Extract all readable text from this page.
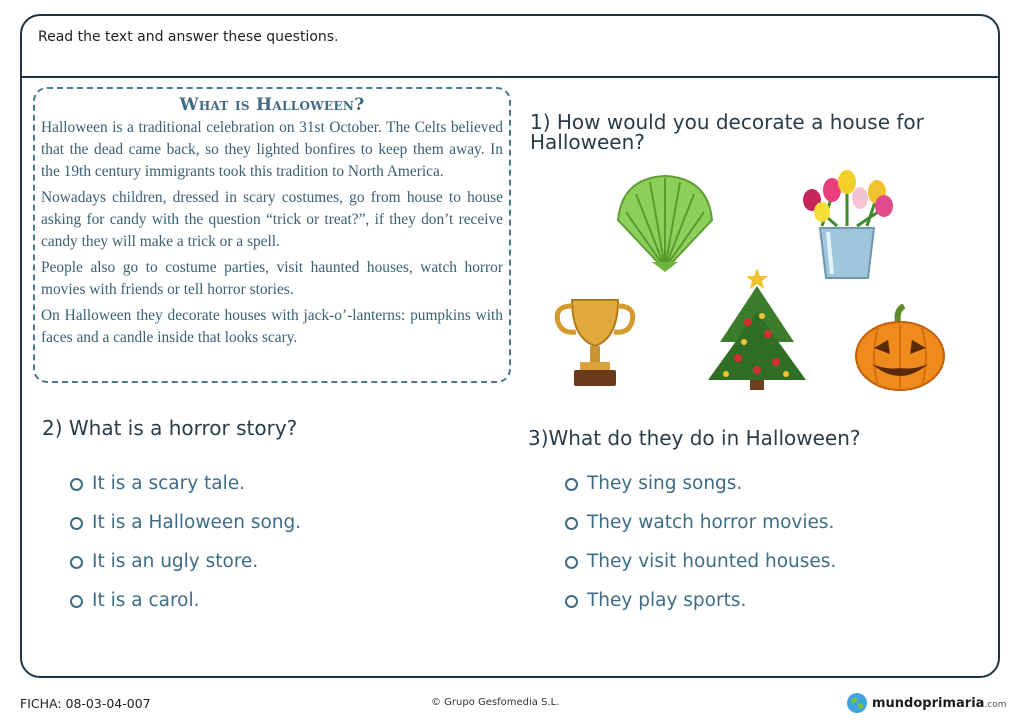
Read the text and answer these questions.
What is Halloween?

Halloween is a traditional celebration on 31st October. The Celts believed that the dead came back, so they lighted bonfires to keep them away. In the 19th century immigrants took this tradition to North America.

Nowadays children, dressed in scary costumes, go from house to house asking for candy with the question “trick or treat?”, if they don’t receive candy they will make a trick or a spell.

People also go to costume parties, visit haunted houses, watch horror movies with friends or tell horror stories.

On Halloween they decorate houses with jack-o’-lanterns: pumpkins with faces and a candle inside that looks scary.

1) How would you decorate a house for Halloween?
2) What is a horror story?
It is a scary tale.
It is a Halloween song.
It is an ugly store.
It is a carol.
3)What do they do in Halloween?
They sing songs.
They watch horror movies.
They visit hounted houses.
They play sports.
FICHA: 08-03-04-007	© Grupo Gesfomedia S.L.	mundoprimaria.com
